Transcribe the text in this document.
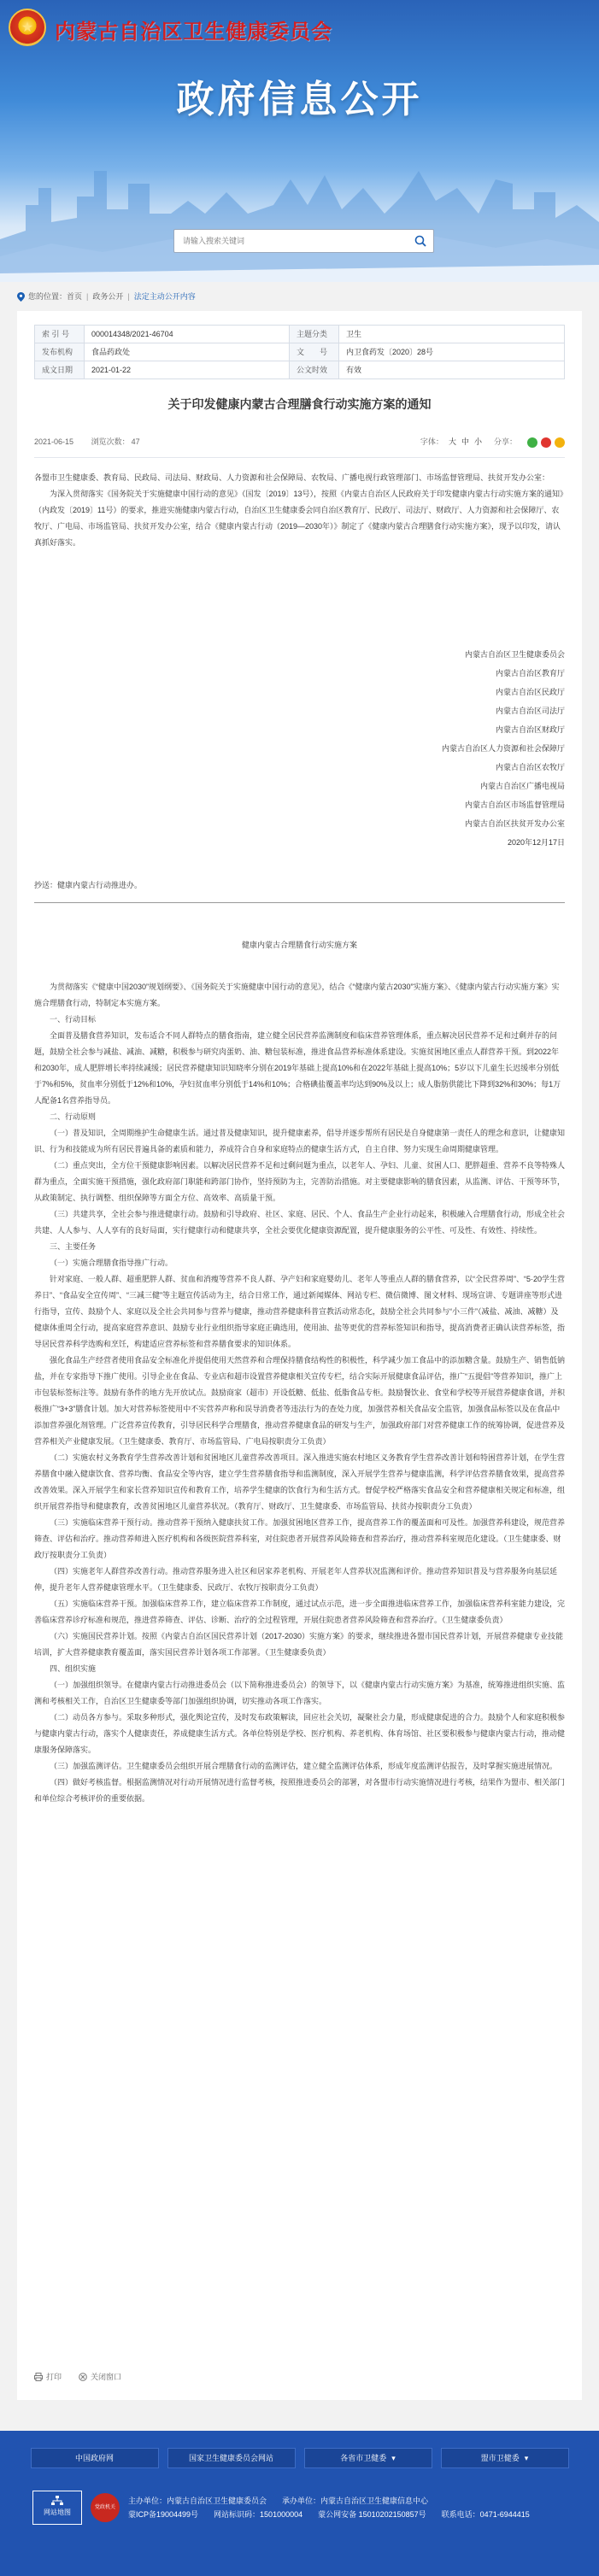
★
内蒙古自治区卫生健康委员会
政府信息公开
请输入搜索关键词
您的位置： 首页 | 政务公开 | 法定主动公开内容
索 引 号	000014348/2021-46704	主题分类	卫生
发布机构	食品药政处	文　　号	内卫食药发〔2020〕28号
成文日期	2021-01-22	公文时效	有效
关于印发健康内蒙古合理膳食行动实施方案的通知
2021-06-15 浏览次数： 47	字体： 大 中 小 分享：

各盟市卫生健康委、教育局、民政局、司法局、财政局、人力资源和社会保障局、农牧局、广播电视行政管理部门、市场监督管理局、扶贫开发办公室：

为深入贯彻落实《国务院关于实施健康中国行动的意见》（国发〔2019〕13号），按照《内蒙古自治区人民政府关于印发健康内蒙古行动实施方案的通知》（内政发〔2019〕11号）的要求，推进实施健康内蒙古行动，自治区卫生健康委会同自治区教育厅、民政厅、司法厅、财政厅、人力资源和社会保障厅、农牧厅、广电局、市场监管局、扶贫开发办公室，结合《健康内蒙古行动（2019—2030年）》制定了《健康内蒙古合理膳食行动实施方案》，现予以印发，请认真抓好落实。

内蒙古自治区卫生健康委员会

内蒙古自治区教育厅

内蒙古自治区民政厅

内蒙古自治区司法厅

内蒙古自治区财政厅

内蒙古自治区人力资源和社会保障厅

内蒙古自治区农牧厅

内蒙古自治区广播电视局

内蒙古自治区市场监督管理局

内蒙古自治区扶贫开发办公室

2020年12月17日

抄送：健康内蒙古行动推进办。

健康内蒙古合理膳食行动实施方案

为贯彻落实《“健康中国2030”规划纲要》、《国务院关于实施健康中国行动的意见》，结合《“健康内蒙古2030”实施方案》、《健康内蒙古行动实施方案》实施合理膳食行动，特制定本实施方案。

一、行动目标

全面普及膳食营养知识，发布适合不同人群特点的膳食指南，建立健全居民营养监测制度和临床营养管理体系，重点解决居民营养不足和过剩并存的问题，鼓励全社会参与减盐、减油、减糖，积极参与研究肉蛋奶、油、糖包装标准，推进食品营养标准体系建设。实施贫困地区重点人群营养干预。到2022年和2030年，成人肥胖增长率持续减缓；居民营养健康知识知晓率分别在2019年基础上提高10%和在2022年基础上提高10%；5岁以下儿童生长迟缓率分别低于7%和5%，贫血率分别低于12%和10%，孕妇贫血率分别低于14%和10%；合格碘盐覆盖率均达到90%及以上；成人脂肪供能比下降到32%和30%；每1万人配备1名营养指导员。

二、行动原则

（一）普及知识，全周期维护生命健康生活。通过普及健康知识，提升健康素养，倡导并逐步帮所有居民是自身健康第一责任人的理念和意识，让健康知识、行为和技能成为所有居民普遍具备的素质和能力，养成符合自身和家庭特点的健康生活方式，自主自律、努力实现生命周期健康管理。

（二）重点突出，全方位干预健康影响因素。以解决居民营养不足和过剩问题为重点，以老年人、孕妇、儿童、贫困人口、肥胖超重、营养不良等特殊人群为重点，全面实施干预措施，强化政府部门职能和跨部门协作，坚持预防为主，完善防治措施。对主要健康影响的膳食因素，从监测、评估、干预等环节，从政策制定、执行调整、组织保障等方面全方位、高效率、高质量干预。

（三）共建共享，全社会参与推进健康行动。鼓励和引导政府、社区、家庭、居民、个人、食品生产企业行动起来，积极融入合理膳食行动，形成全社会共建、人人参与、人人享有的良好局面，实行健康行动和健康共享，全社会要优化健康资源配置，提升健康服务的公平性、可及性、有效性、持续性。

三、主要任务

（一）实施合理膳食指导推广行动。

针对家庭、一般人群、超重肥胖人群、贫血和消瘦等营养不良人群、孕产妇和家庭婴幼儿、老年人等重点人群的膳食营养，以“全民营养周”、“5·20学生营养日”、“食品安全宣传周”、“三减三健”等主题宣传活动为主，结合日常工作，通过新闻媒体、网站专栏、微信微博、图文材料、现场宣讲、专题讲座等形式进行指导，宣传、鼓励个人、家庭以及全社会共同参与营养与健康，推动营养健康科普宣教活动常态化，鼓励全社会共同参与“小三件”（减盐、减油、减糖）及健康体重周全行动，提高家庭营养意识、鼓励专业行业组织指导家庭正确选用，使用油、盐等更优的营养标签知识和指导，提高消费者正确认读营养标签，指导居民营养科学选购和烹饪，构建适应营养标签和营养膳食要求的知识体系。

强化食品生产经营者使用食品安全标准化并提倡使用天然营养和合理保持膳食结构性的积极性，科学减少加工食品中的添加糖含量。鼓励生产、销售低钠盐，并在专家指导下推广使用。引导企业在食品、专业店和超市设置营养健康相关宣传专栏，结合实际开展健康食品评估，推广“五提倡”等营养知识，推广上市包装标签标注等。鼓励有条件的地方先开放试点。鼓励商家（超市）开设低糖、低盐、低脂食品专柜。鼓励餐饮业、食堂和学校等开展营养健康食谱，并积极推广“3+3”膳食计划。加大对营养标签使用中不实营养声称和误导消费者等违法行为的查处力度，加强营养相关食品安全监管，加强食品标签以及在食品中添加营养强化剂管理。广泛营养宣传教育，引导居民科学合理膳食，推动营养健康食品的研发与生产，加强政府部门对营养健康工作的统筹协调，促进营养及营养相关产业健康发展。（卫生健康委、教育厅、市场监管局、广电局按职责分工负责）

（二）实施农村义务教育学生营养改善计划和贫困地区儿童营养改善项目。深入推进实施农村地区义务教育学生营养改善计划和特困营养计划，在学生营养膳食中融入健康饮食、营养均衡、食品安全等内容，建立学生营养膳食指导和监测制度，深入开展学生营养与健康监测，科学评估营养膳食效果，提高营养改善效果。深入开展学生和家长营养知识宣传和教育工作，培养学生健康的饮食行为和生活方式。督促学校严格落实食品安全和营养健康相关规定和标准，组织开展营养指导和健康教育，改善贫困地区儿童营养状况。（教育厅、财政厅、卫生健康委、市场监管局、扶贫办按职责分工负责）

（三）实施临床营养干预行动。推动营养干预纳入健康扶贫工作。加强贫困地区营养工作，提高营养工作的覆盖面和可及性。加强营养科建设，规范营养筛查、评估和治疗。推动营养师进入医疗机构和各级医院营养科室，对住院患者开展营养风险筛查和营养治疗，推动营养科室规范化建设。（卫生健康委、财政厅按职责分工负责）

（四）实施老年人群营养改善行动。推动营养服务进入社区和居家养老机构、开展老年人营养状况监测和评价。推动营养知识普及与营养服务向基层延伸，提升老年人营养健康管理水平。（卫生健康委、民政厅、农牧厅按职责分工负责）

（五）实施临床营养干预。加强临床营养工作，建立临床营养工作制度，通过试点示范，进一步全面推进临床营养工作，加强临床营养科室能力建设，完善临床营养诊疗标准和规范，推进营养筛查、评估、诊断、治疗的全过程管理，开展住院患者营养风险筛查和营养治疗。（卫生健康委负责）

（六）实施国民营养计划。按照《内蒙古自治区国民营养计划（2017-2030）实施方案》的要求，继续推进各盟市国民营养计划，开展营养健康专业技能培训，扩大营养健康教育覆盖面，落实国民营养计划各项工作部署。（卫生健康委负责）

四、组织实施

（一）加强组织领导。在健康内蒙古行动推进委员会（以下简称推进委员会）的领导下，以《健康内蒙古行动实施方案》为基准，统筹推进组织实施、监测和考核相关工作，自治区卫生健康委等部门加强组织协调，切实推动各项工作落实。

（二）动员各方参与。采取多种形式，强化舆论宣传，及时发布政策解读，回应社会关切，凝聚社会力量，形成健康促进的合力。鼓励个人和家庭积极参与健康内蒙古行动，落实个人健康责任，养成健康生活方式。各单位特别是学校、医疗机构、养老机构、体育场馆、社区要积极参与健康内蒙古行动，推动健康服务保障落实。

（三）加强监测评估。卫生健康委员会组织开展合理膳食行动的监测评估，建立健全监测评估体系，形成年度监测评估报告，及时掌握实施进展情况。

（四）做好考核监督。根据监测情况对行动开展情况进行监督考核，按照推进委员会的部署，对各盟市行动实施情况进行考核，结果作为盟市、相关部门和单位综合考核评价的重要依据。

打印	关闭窗口
中国政府网	国家卫生健康委员会网站	各省市卫健委 ▾	盟市卫健委 ▾
网站地图
党政机关

主办单位：内蒙古自治区卫生健康委员会　　承办单位：内蒙古自治区卫生健康信息中心

蒙ICP备19004499号　　网站标识码：1501000004　　蒙公网安备 15010202150857号　　联系电话：0471-6944415
